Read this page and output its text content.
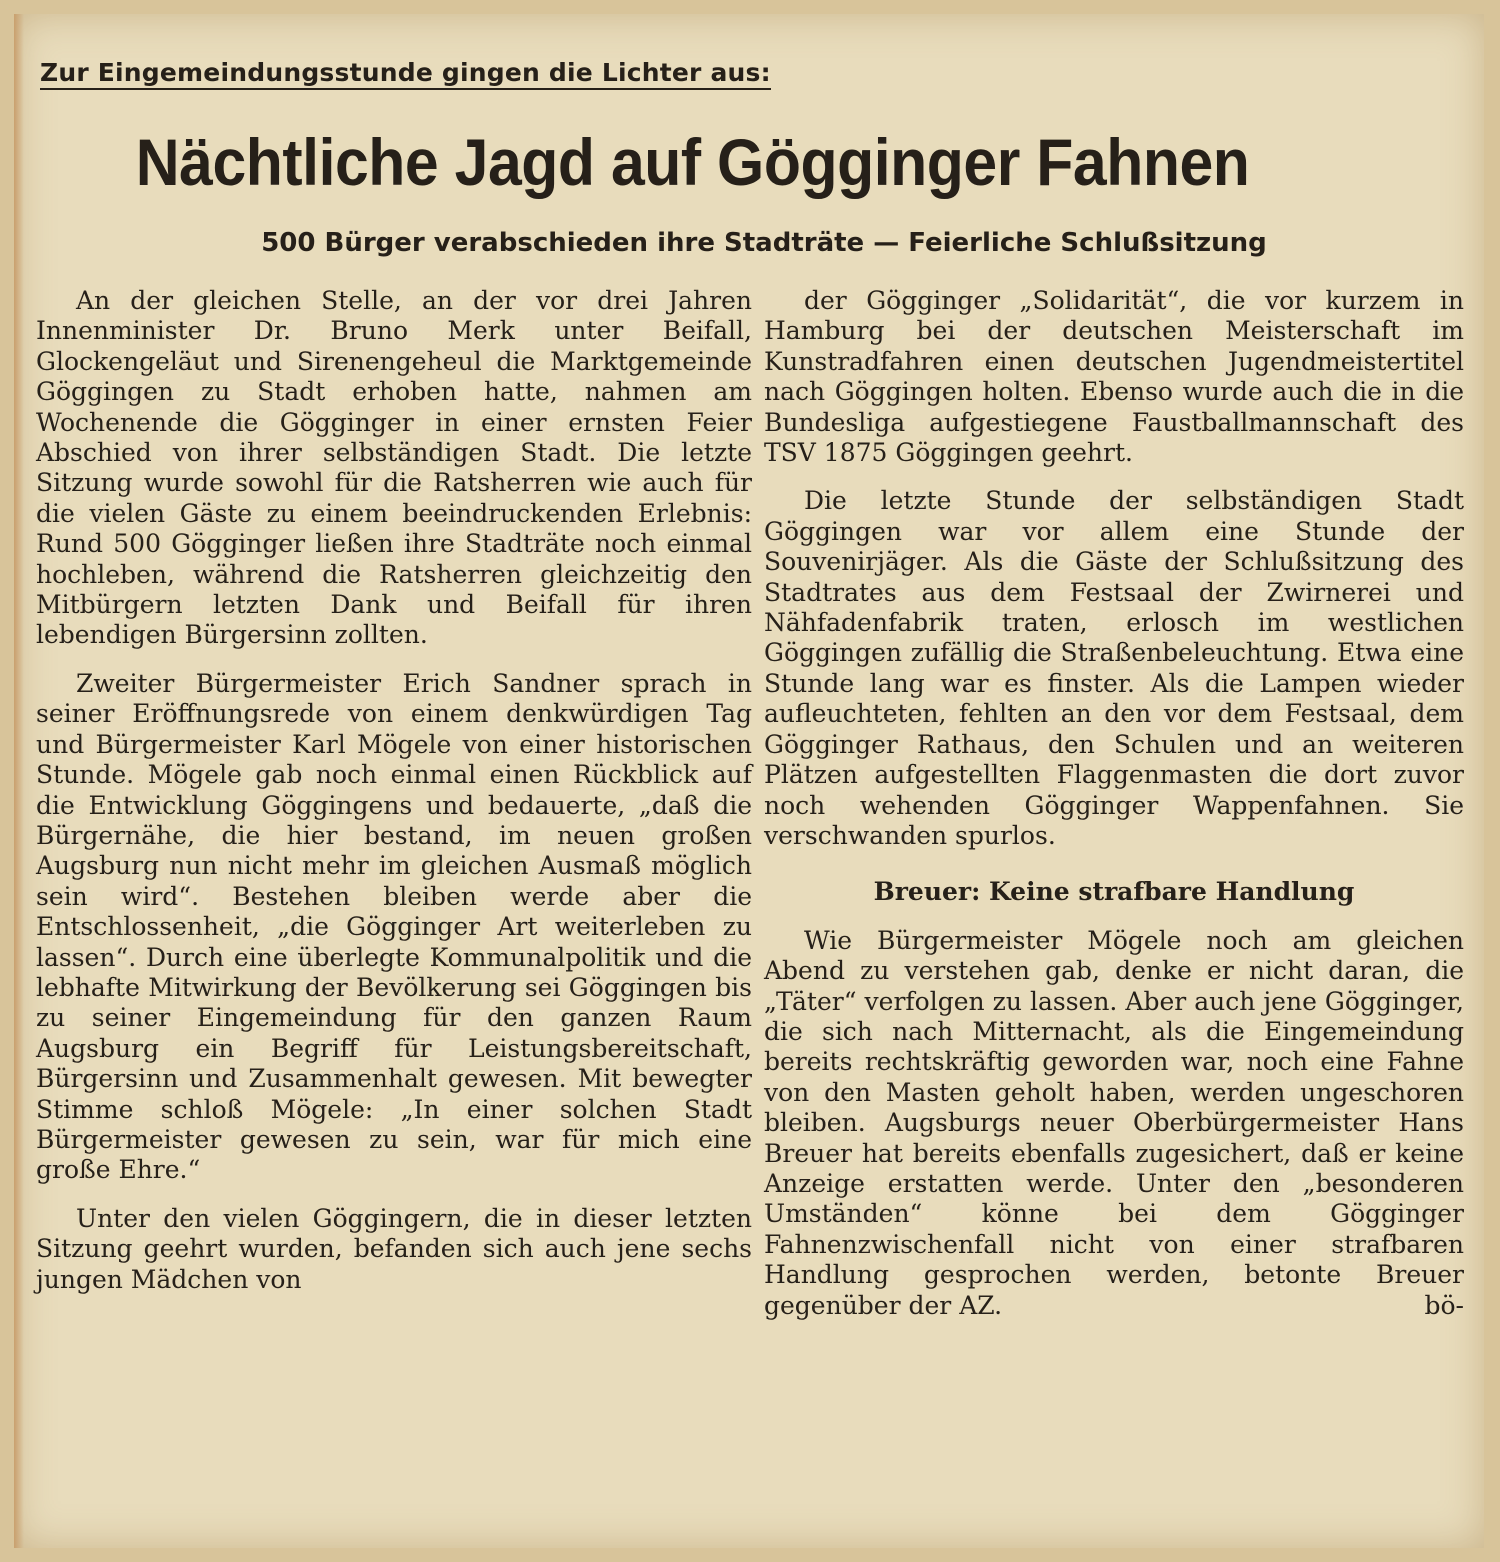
Zur Eingemeindungsstunde gingen die Lichter aus:
Nächtliche Jagd auf Gögginger Fahnen
500 Bürger verabschieden ihre Stadträte — Feierliche Schlußsitzung

An der gleichen Stelle, an der vor drei Jahren Innenminister Dr. Bruno Merk unter Beifall, Glockengeläut und Sirenengeheul die Marktgemeinde Göggingen zu Stadt erhoben hatte, nahmen am Wochenende die Gögginger in einer ernsten Feier Abschied von ihrer selbständigen Stadt. Die letzte Sitzung wurde sowohl für die Ratsherren wie auch für die vielen Gäste zu einem beeindruckenden Erlebnis: Rund 500 Gögginger ließen ihre Stadträte noch einmal hochleben, während die Ratsherren gleichzeitig den Mitbürgern letzten Dank und Beifall für ihren lebendigen Bürgersinn zollten.

Zweiter Bürgermeister Erich Sandner sprach in seiner Eröffnungsrede von einem denkwürdigen Tag und Bürgermeister Karl Mögele von einer historischen Stunde. Mögele gab noch einmal einen Rückblick auf die Entwicklung Göggingens und bedauerte, „daß die Bürgernähe, die hier bestand, im neuen großen Augsburg nun nicht mehr im gleichen Ausmaß möglich sein wird“. Bestehen bleiben werde aber die Entschlossenheit, „die Gögginger Art weiterleben zu lassen“. Durch eine überlegte Kommunalpolitik und die lebhafte Mitwirkung der Bevölkerung sei Göggingen bis zu seiner Eingemeindung für den ganzen Raum Augsburg ein Begriff für Leistungsbereitschaft, Bürgersinn und Zusammenhalt gewesen. Mit bewegter Stimme schloß Mögele: „In einer solchen Stadt Bürgermeister gewesen zu sein, war für mich eine große Ehre.“

Unter den vielen Göggingern, die in dieser letzten Sitzung geehrt wurden, befanden sich auch jene sechs jungen Mädchen von

der Gögginger „Solidarität“, die vor kurzem in Hamburg bei der deutschen Meisterschaft im Kunstradfahren einen deutschen Jugendmeistertitel nach Göggingen holten. Ebenso wurde auch die in die Bundesliga aufgestiegene Faustballmannschaft des TSV 1875 Göggingen geehrt.

Die letzte Stunde der selbständigen Stadt Göggingen war vor allem eine Stunde der Souvenirjäger. Als die Gäste der Schlußsitzung des Stadtrates aus dem Festsaal der Zwirnerei und Nähfadenfabrik traten, erlosch im westlichen Göggingen zufällig die Straßenbeleuchtung. Etwa eine Stunde lang war es finster. Als die Lampen wieder aufleuchteten, fehlten an den vor dem Festsaal, dem Gögginger Rathaus, den Schulen und an weiteren Plätzen aufgestellten Flaggenmasten die dort zuvor noch wehenden Gögginger Wappenfahnen. Sie verschwanden spurlos.

Breuer: Keine strafbare Handlung

Wie Bürgermeister Mögele noch am gleichen Abend zu verstehen gab, denke er nicht daran, die „Täter“ verfolgen zu lassen. Aber auch jene Gögginger, die sich nach Mitternacht, als die Eingemeindung bereits rechtskräftig geworden war, noch eine Fahne von den Masten geholt haben, werden ungeschoren bleiben. Augsburgs neuer Oberbürgermeister Hans Breuer hat bereits ebenfalls zugesichert, daß er keine Anzeige erstatten werde. Unter den „besonderen Umständen“ könne bei dem Gögginger Fahnenzwischenfall nicht von einer strafbaren Handlung gesprochen werden, betonte Breuer gegenüber der AZ.	bö-
